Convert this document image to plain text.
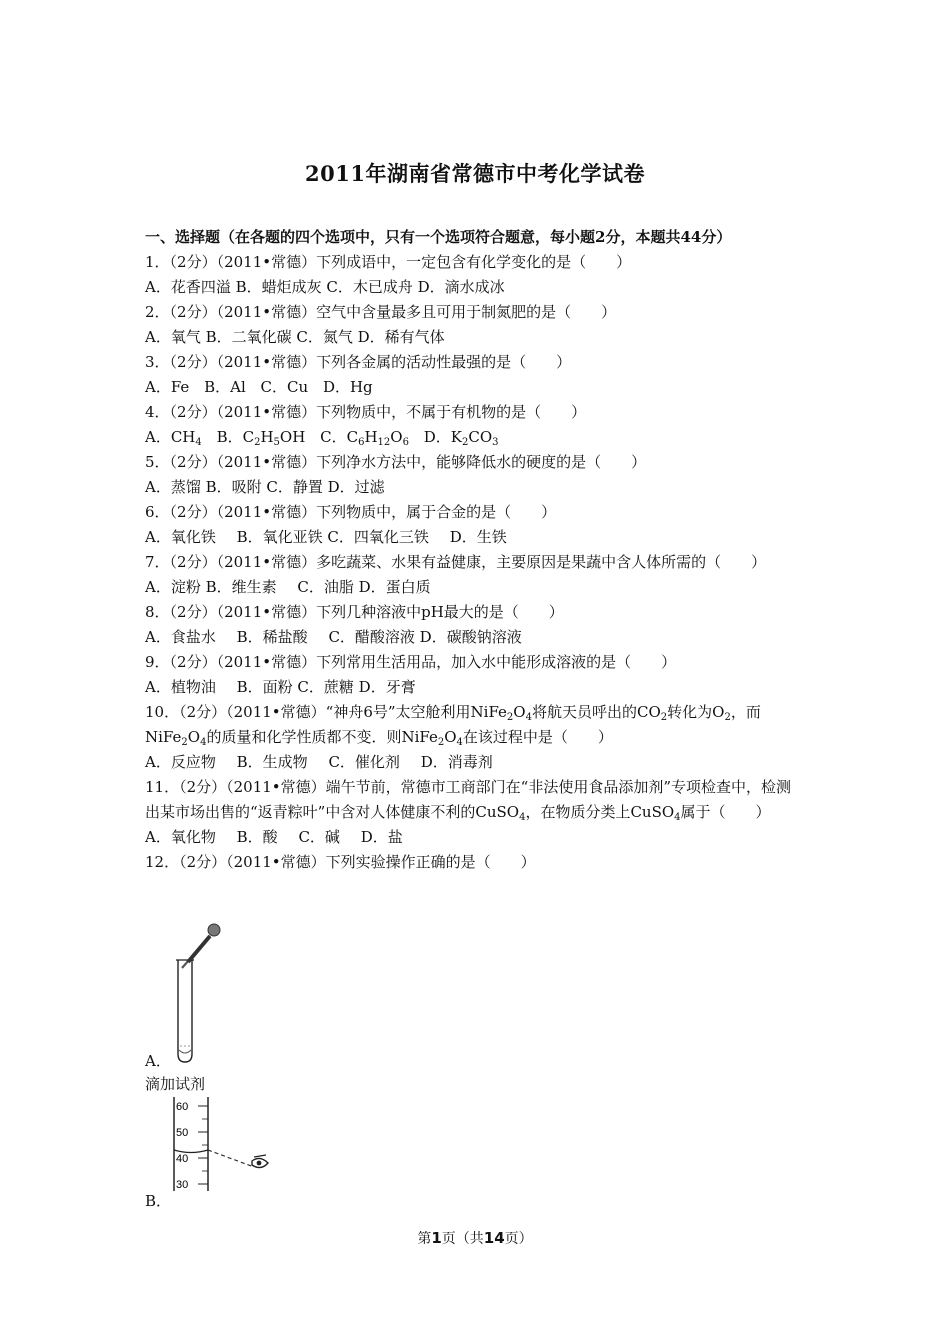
2011年湖南省常德市中考化学试卷
一、选择题（在各题的四个选项中，只有一个选项符合题意，每小题2分，本题共44分）
1．（2分）（2011•常德）下列成语中，一定包含有化学变化的是（　　）
A．花香四溢 B．蜡炬成灰 C．木已成舟 D．滴水成冰
2．（2分）（2011•常德）空气中含量最多且可用于制氮肥的是（　　）
A．氧气 B．二氧化碳 C．氮气 D．稀有气体
3．（2分）（2011•常德）下列各金属的活动性最强的是（　　）
A．Fe B．Al C．Cu D．Hg
4．（2分）（2011•常德）下列物质中，不属于有机物的是（　　）
A．$CH_4$ B．$C_2H_5OH$ C．$C_6H_{12}O_6$ D．$K_2CO_3$
5．（2分）（2011•常德）下列净水方法中，能够降低水的硬度的是（　　）
A．蒸馏 B．吸附 C．静置 D．过滤
6．（2分）（2011•常德）下列物质中，属于合金的是（　　）
A．氧化铁 B．氧化亚铁 C．四氧化三铁 D．生铁
7．（2分）（2011•常德）多吃蔬菜、水果有益健康，主要原因是果蔬中含人体所需的（　　）
A．淀粉 B．维生素 C．油脂 D．蛋白质
8．（2分）（2011•常德）下列几种溶液中pH最大的是（　　）
A．食盐水 B．稀盐酸 C．醋酸溶液 D．碳酸钠溶液
9．（2分）（2011•常德）下列常用生活用品，加入水中能形成溶液的是（　　）
A．植物油 B．面粉 C．蔗糖 D．牙膏
10．（2分）（2011•常德）“神舟6号”太空舱利用$NiFe_2O_4$将航天员呼出的$CO_2$转化为$O_2$，而$NiFe_2O_4$的质量和化学性质都不变．则$NiFe_2O_4$在该过程中是（　　）
A．反应物 B．生成物 C．催化剂 D．消毒剂
11．（2分）（2011•常德）端午节前，常德市工商部门在“非法使用食品添加剂”专项检查中，检测出某市场出售的“返青粽叶”中含对人体健康不利的CuSO$_4$，在物质分类上CuSO$_4$属于（　　）
A．氧化物 B．酸 C．碱 D．盐
12．（2分）（2011•常德）下列实验操作正确的是（　　）
A．
滴加试剂
60
50
40
30
B．
第1页（共14页）
